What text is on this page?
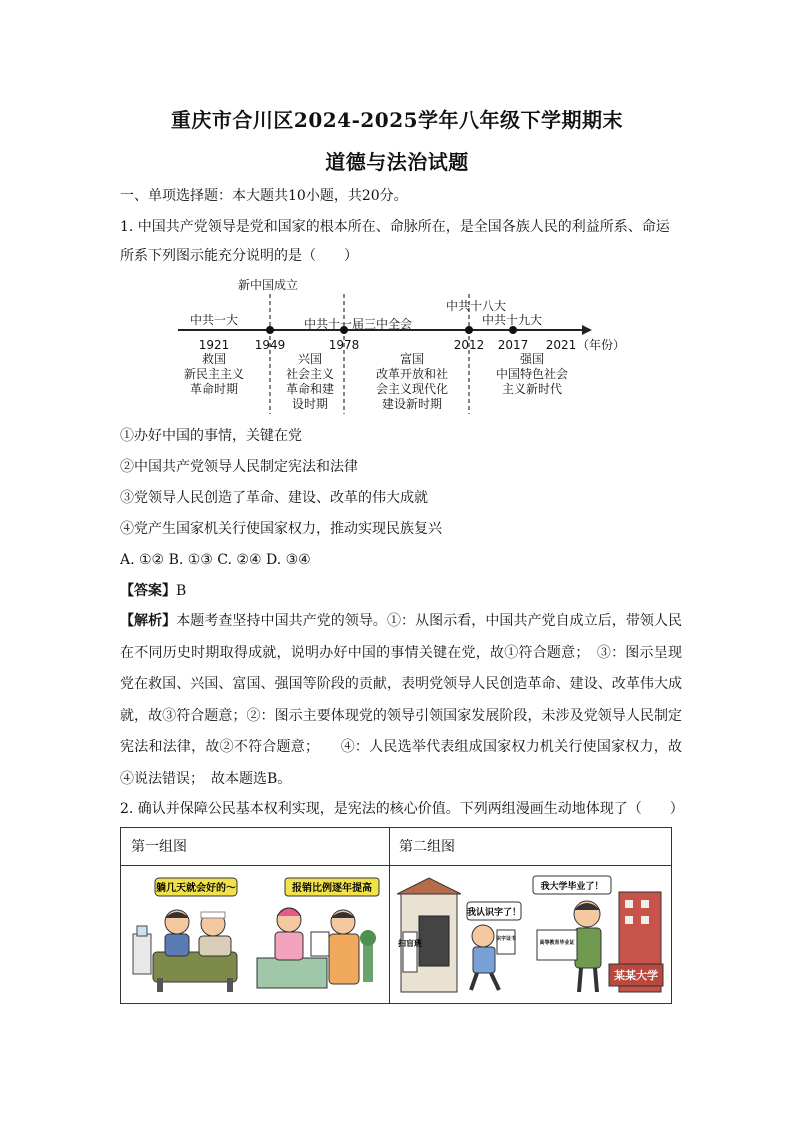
重庆市合川区2024-2025学年八年级下学期期末
道德与法治试题
一、单项选择题：本大题共10小题，共20分。
1. 中国共产党领导是党和国家的根本所在、命脉所在，是全国各族人民的利益所系、命运
所系下列图示能充分说明的是（　　）
新中国成立
中共一大	中共十一届三中全会
中共十八大
中共十九大
1921 1949	1978	2012 2017 2021 （年份）
救国
新民主主义
革命时期
兴国
社会主义
革命和建
设时期
富国
改革开放和社
会主义现代化
建设新时期
强国
中国特色社会
主义新时代
①办好中国的事情，关键在党
②中国共产党领导人民制定宪法和法律
③党领导人民创造了革命、建设、改革的伟大成就
④党产生国家机关行使国家权力，推动实现民族复兴
A. ①② B. ①③ C. ②④ D. ③④
【答案】B
【解析】本题考查坚持中国共产党的领导。①：从图示看，中国共产党自成立后，带领人民在不同历史时期取得成就，说明办好中国的事情关键在党，故①符合题意；　③：图示呈现党在救国、兴国、富国、强国等阶段的贡献，表明党领导人民创造革命、建设、改革伟大成就，故③符合题意；②：图示主要体现党的领导引领国家发展阶段，未涉及党领导人民制定宪法和法律，故②不符合题意；　　④：人民选举代表组成国家权力机关行使国家权力，故④说法错误；　故本题选B。
2. 确认并保障公民基本权利实现，是宪法的核心价值。下列两组漫画生动地体现了（　　）
第一组图	第二组图
躺几天就会好的～	报销比例逐年提高
扫盲班
我认识字了！
识字证书
我大学毕业了！
某某大学
高等教育毕业证
